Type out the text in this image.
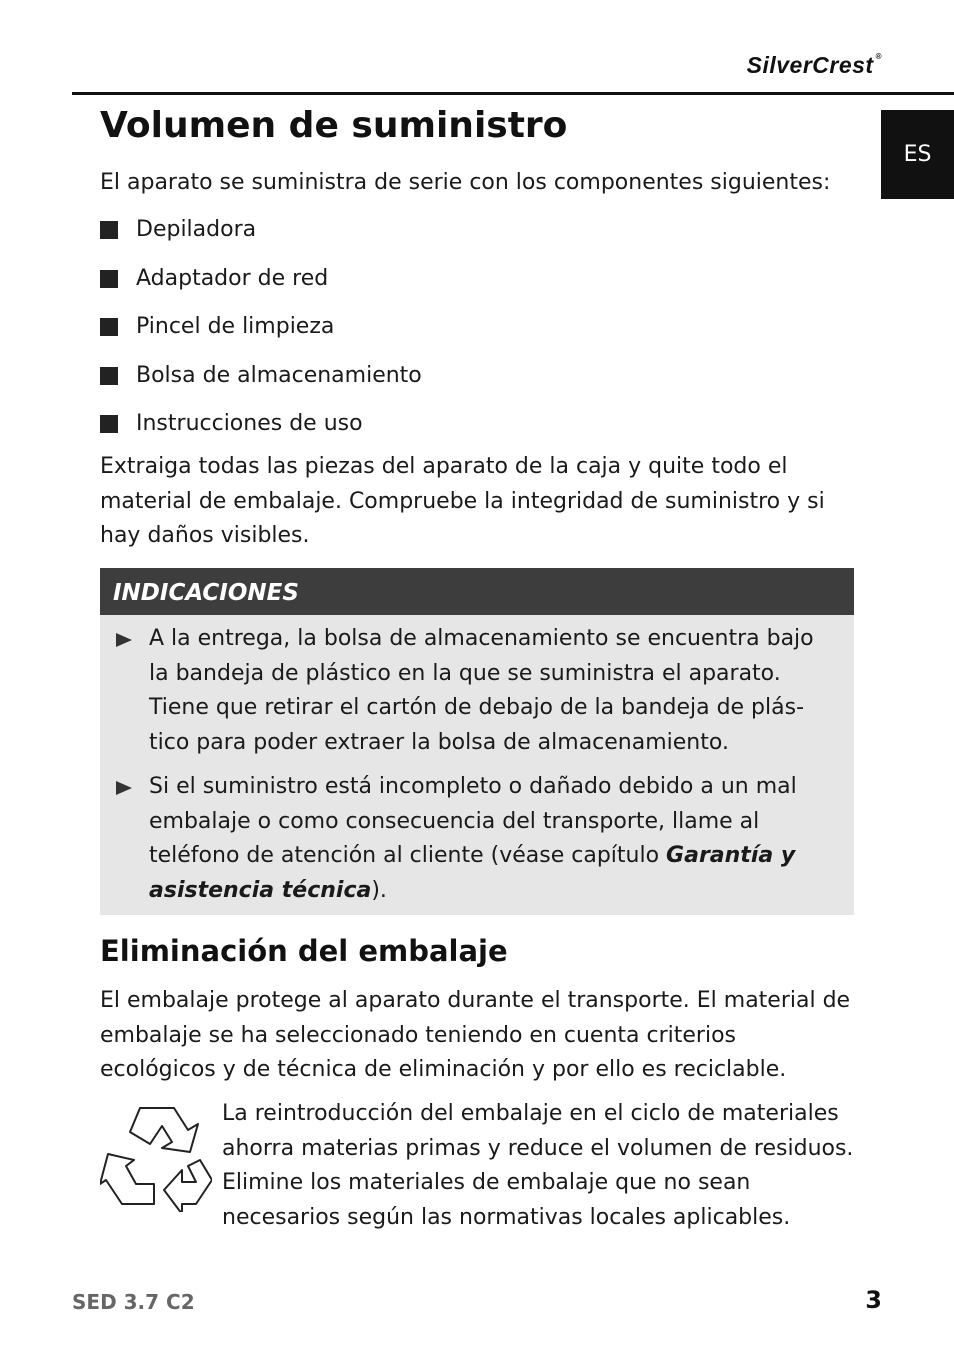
SilverCrest ®
ES
Volumen de suministro

El aparato se suministra de serie con los componentes siguientes:

Depiladora
Adaptador de red
Pincel de limpieza
Bolsa de almacenamiento
Instrucciones de uso

Extraiga todas las piezas del aparato de la caja y quite todo el material de embalaje. Compruebe la integridad de suministro y si hay daños visibles.

INDICACIONES
A la entrega, la bolsa de almacenamiento se encuentra bajo la bandeja de plástico en la que se suministra el aparato. Tiene que retirar el cartón de debajo de la bandeja de plástico para poder extraer la bolsa de almacenamiento.
Si el suministro está incompleto o dañado debido a un mal embalaje o como consecuencia del transporte, llame al teléfono de atención al cliente (véase capítulo Garantía y asistencia técnica).
Eliminación del embalaje

El embalaje protege al aparato durante el transporte. El material de embalaje se ha seleccionado teniendo en cuenta criterios ecológicos y de técnica de eliminación y por ello es reciclable.

La reintroducción del embalaje en el ciclo de materiales ahorra materias primas y reduce el volumen de residuos. Elimine los materiales de embalaje que no sean necesarios según las normativas locales aplicables.

SED 3.7 C2	3
